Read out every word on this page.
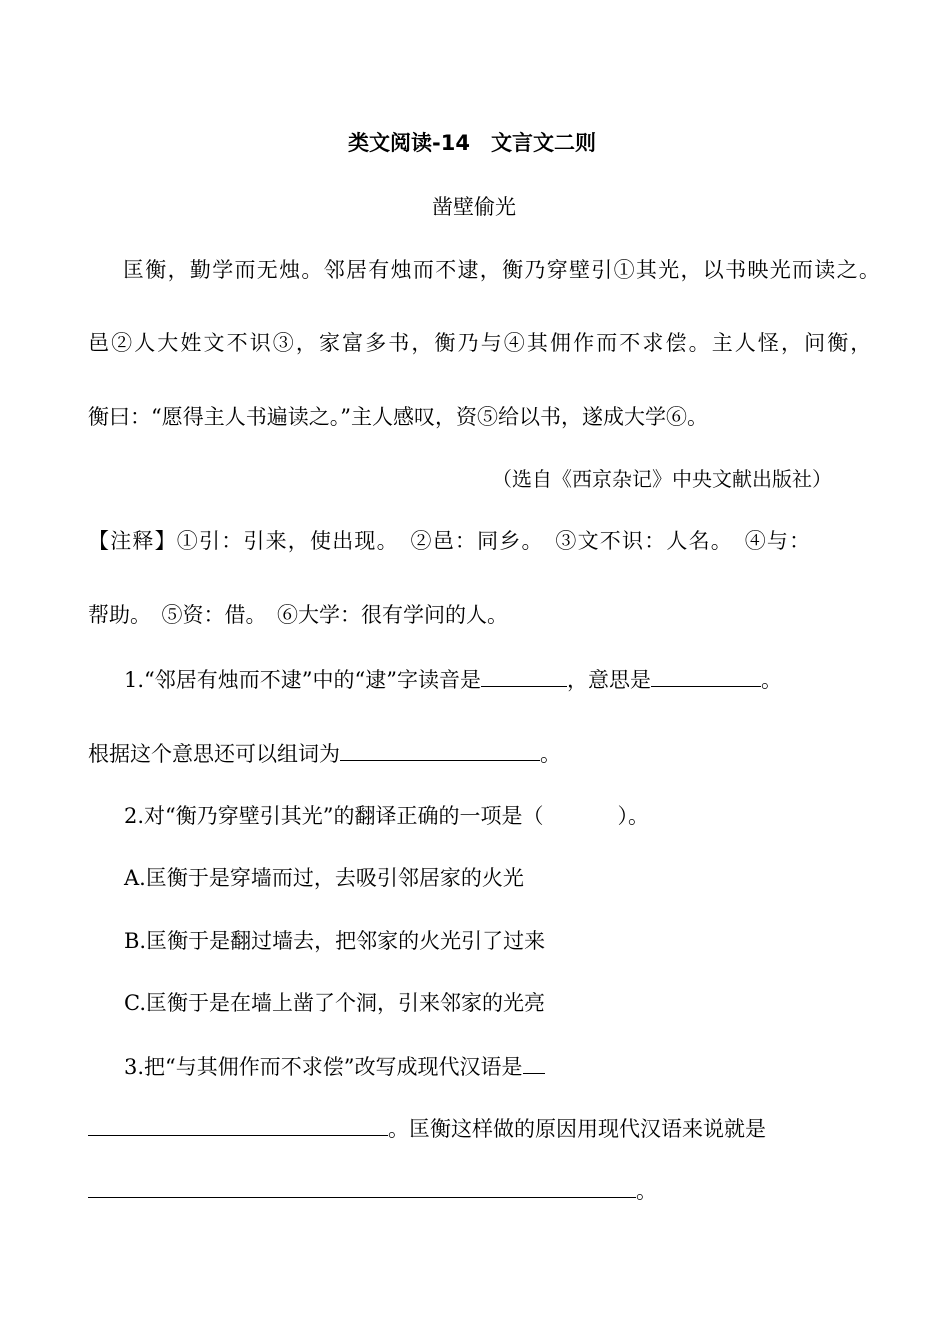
类文阅读-14　文言文二则
凿壁偷光
匡衡，勤学而无烛。邻居有烛而不逮，衡乃穿壁引①其光，以书映光而读之。
邑②人大姓文不识③，家富多书，衡乃与④其佣作而不求偿。主人怪，问衡，
衡曰：“愿得主人书遍读之。”主人感叹，资⑤给以书，遂成大学⑥。
（选自《西京杂记》中央文献出版社）
【注释】①引：引来，使出现。　②邑：同乡。　③文不识：人名。　④与：
帮助。　⑤资：借。　⑥大学：很有学问的人。
1.“邻居有烛而不逮”中的“逮”字读音是	，意思是	。
根据这个意思还可以组词为	。
2.对“衡乃穿壁引其光”的翻译正确的一项是（	）。
A.匡衡于是穿墙而过，去吸引邻居家的火光
B.匡衡于是翻过墙去，把邻家的火光引了过来
C.匡衡于是在墙上凿了个洞，引来邻家的光亮
3.把“与其佣作而不求偿”改写成现代汉语是
。匡衡这样做的原因用现代汉语来说就是
。
